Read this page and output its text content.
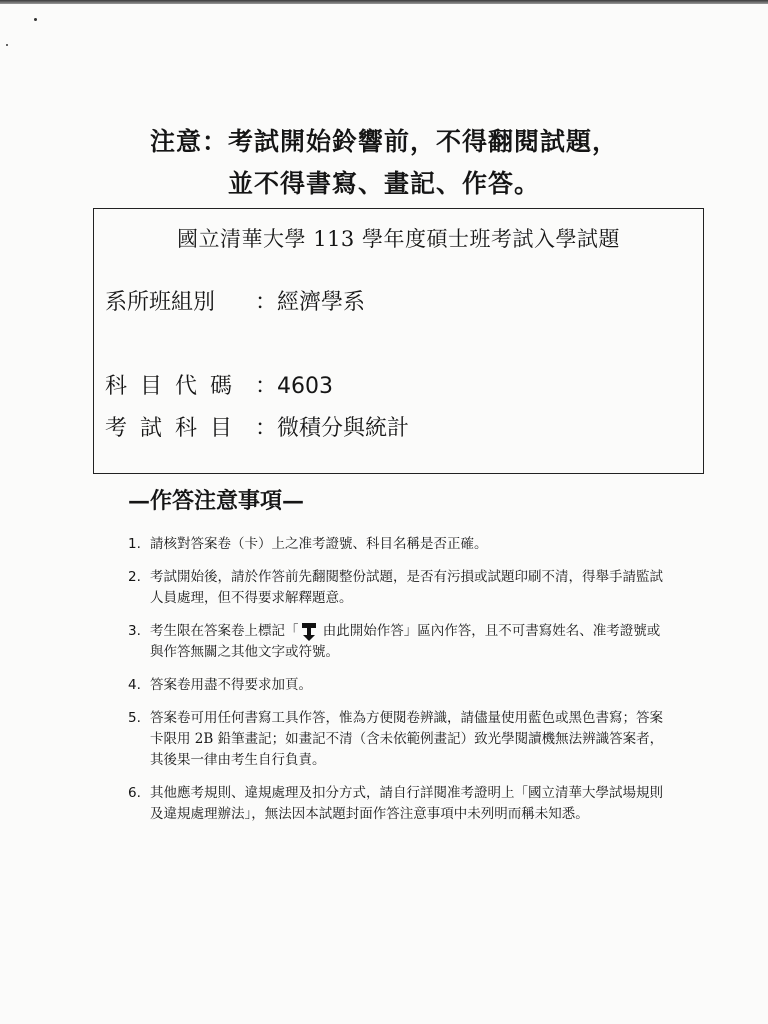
注意：考試開始鈴響前，不得翻閱試題，
並不得書寫、畫記、作答。
國立清華大學 113 學年度碩士班考試入學試題
系所班組別 ：經濟學系
科目代碼 ：4603
考試科目 ：微積分與統計
—作答注意事項—
1. 請核對答案卷（卡）上之准考證號、科目名稱是否正確。
2. 考試開始後，請於作答前先翻閱整份試題，是否有污損或試題印刷不清，得舉手請監試人員處理，但不得要求解釋題意。
3. 考生限在答案卷上標記「 由此開始作答」區內作答，且不可書寫姓名、准考證號或與作答無關之其他文字或符號。
4. 答案卷用盡不得要求加頁。
5. 答案卷可用任何書寫工具作答，惟為方便閱卷辨識，請儘量使用藍色或黑色書寫；答案卡限用 2B 鉛筆畫記；如畫記不清（含未依範例畫記）致光學閱讀機無法辨識答案者，其後果一律由考生自行負責。
6. 其他應考規則、違規處理及扣分方式，請自行詳閱准考證明上「國立清華大學試場規則及違規處理辦法」，無法因本試題封面作答注意事項中未列明而稱未知悉。
